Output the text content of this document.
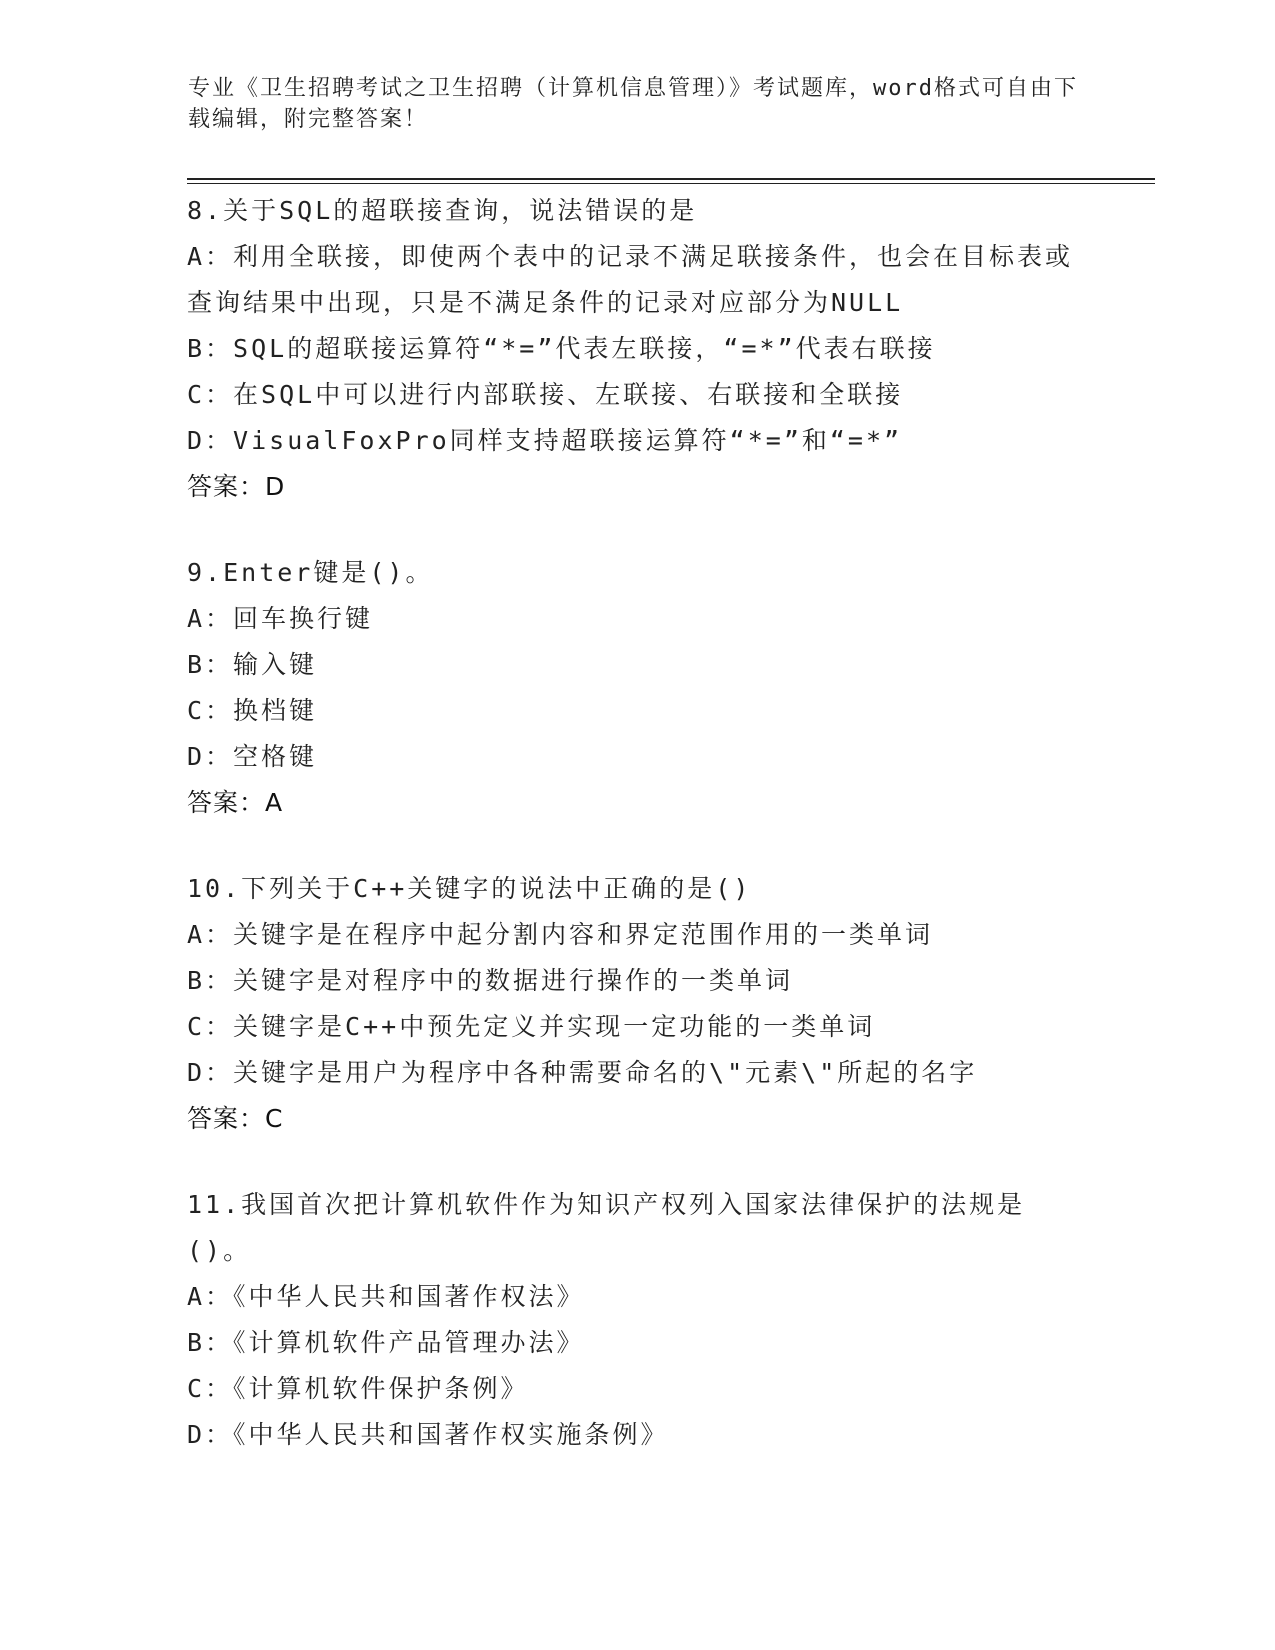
专业《卫生招聘考试之卫生招聘（计算机信息管理）》考试题库，word格式可自由下载编辑，附完整答案！
8.关于SQL的超联接查询，说法错误的是
A：利用全联接，即使两个表中的记录不满足联接条件，也会在目标表或查询结果中出现，只是不满足条件的记录对应部分为NULL
B：SQL的超联接运算符“*=”代表左联接，“=*”代表右联接
C：在SQL中可以进行内部联接、左联接、右联接和全联接
D：VisualFoxPro同样支持超联接运算符“*=”和“=*”
答案：D
9.Enter键是()。
A：回车换行键
B：输入键
C：换档键
D：空格键
答案：A
10.下列关于C++关键字的说法中正确的是()
A：关键字是在程序中起分割内容和界定范围作用的一类单词
B：关键字是对程序中的数据进行操作的一类单词
C：关键字是C++中预先定义并实现一定功能的一类单词
D：关键字是用户为程序中各种需要命名的\"元素\"所起的名字
答案：C
11.我国首次把计算机软件作为知识产权列入国家法律保护的法规是()。
A：《中华人民共和国著作权法》
B：《计算机软件产品管理办法》
C：《计算机软件保护条例》
D：《中华人民共和国著作权实施条例》
